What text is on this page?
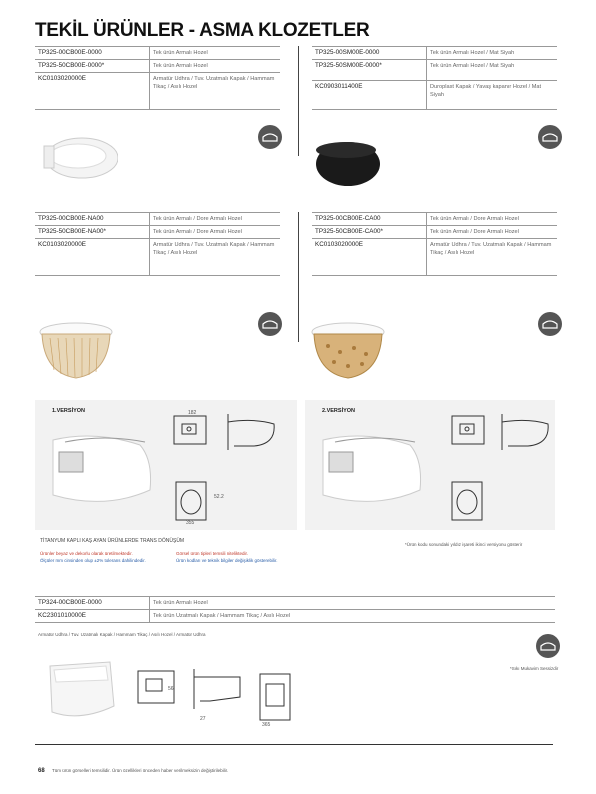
TEKİL ÜRÜNLER - ASMA KLOZETLER
TP325-00CB00E-0000	Tek ürün Armalı Hozel
TP325-50CB00E-0000*	Tek ürün Armalı Hozel
KC0103020000E	Armatür Udhra / Tuv. Uzatmalı Kapak / Hammam Tikaç / Asılı Hozel
TP325-00SM00E-0000	Tek ürün Armalı Hozel / Mat Siyah
TP325-50SM00E-0000*	Tek ürün Armalı Hozel / Mat Siyah
KC0903011400E	Duroplast Kapak / Yavaş kapanır Hozel / Mat Siyah
TP325-00CB00E-NA00	Tek ürün Armalı / Dore Armalı Hozel
TP325-50CB00E-NA00*	Tek ürün Armalı / Dore Armalı Hozel
KC0103020000E	Armatür Udhra / Tuv. Uzatmalı Kapak / Hammam Tikaç / Asılı Hozel
TP325-00CB00E-CA00	Tek ürün Armalı / Dore Armalı Hozel
TP325-50CB00E-CA00*	Tek ürün Armalı / Dore Armalı Hozel
KC0103020000E	Armatür Udhra / Tuv. Uzatmalı Kapak / Hammam Tikaç / Asılı Hozel
1.VERSİYON	2.VERSİYON
182
52.2
355
TİTANYUM KAPLI KAŞ AYAN ÜRÜNLERDE TRANS DÖNÜŞÜM
Ürünler beyaz ve dekorlu olarak üretilmektedir.	Görsel ürün tipleri temsili niteliktedir.
Ölçüler mm cinsinden olup ±2% tolerans dahilindedir.	Ürün kodları ve teknik bilgiler değişiklik gösterebilir.
*Ürün kodu sonundaki yıldız işareti ikinci versiyonu gösterir
TP324-00CB00E-0000	Tek ürün Armalı Hozel
KC2301010000E	Tek ürün Uzatmalı Kapak / Hammam Tikaç / Asılı Hozel
Armatür Udhra / Tuv. Uzatmalı Kapak / Hammam Tikaç / Asılı Hozel / Armatür Udhra
*Sıkı Mukavim Sessizdir
56
27
365
68 Tüm ürün görselleri temsilidir. Ürün özellikleri önceden haber verilmeksizin değiştirilebilir.
